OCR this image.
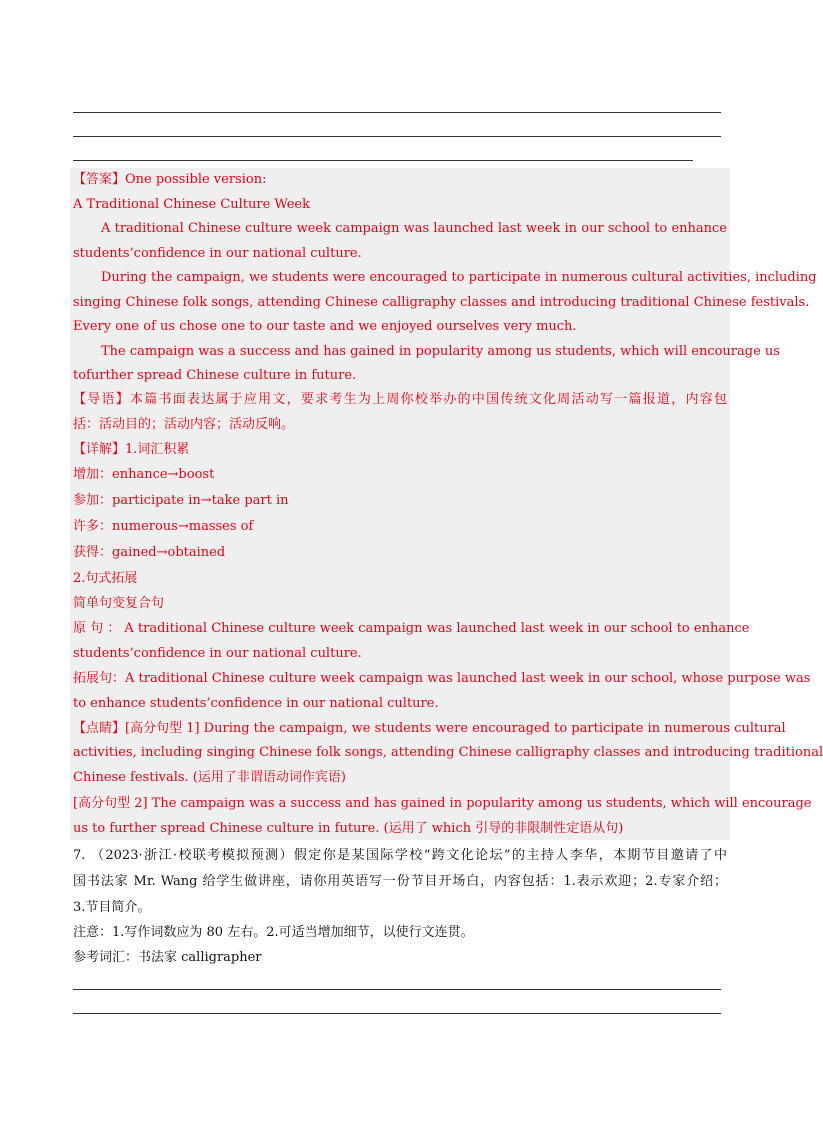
【答案】One possible version:
A Traditional Chinese Culture Week
A traditional Chinese culture week campaign was launched last week in our school to enhance
students’confidence in our national culture.
During the campaign, we students were encouraged to participate in numerous cultural activities, including
singing Chinese folk songs, attending Chinese calligraphy classes and introducing traditional Chinese festivals.
Every one of us chose one to our taste and we enjoyed ourselves very much.
The campaign was a success and has gained in popularity among us students, which will encourage us
tofurther spread Chinese culture in future.
【导语】本篇书面表达属于应用文，要求考生为上周你校举办的中国传统文化周活动写一篇报道，内容包
括：活动目的；活动内容；活动反响。
【详解】1.词汇积累
增加：enhance→boost
参加：participate in→take part in
许多：numerous→masses of
获得：gained→obtained
2.句式拓展
简单句变复合句
原 句 ： A traditional Chinese culture week campaign was launched last week in our school to enhance
students’confidence in our national culture.
拓展句：A traditional Chinese culture week campaign was launched last week in our school, whose purpose was
to enhance students’confidence in our national culture.
【点睛】[高分句型 1] During the campaign, we students were encouraged to participate in numerous cultural
activities, including singing Chinese folk songs, attending Chinese calligraphy classes and introducing traditional
Chinese festivals. (运用了非谓语动词作宾语)
[高分句型 2] The campaign was a success and has gained in popularity among us students, which will encourage
us to further spread Chinese culture in future. (运用了 which 引导的非限制性定语从句)
7. （2023·浙江·校联考模拟预测）假定你是某国际学校“跨文化论坛”的主持人李华，本期节目邀请了中
国书法家 Mr. Wang 给学生做讲座，请你用英语写一份节目开场白，内容包括：1.表示欢迎；2.专家介绍；
3.节目简介。
注意：1.写作词数应为 80 左右。2.可适当增加细节，以使行文连贯。
参考词汇：书法家 calligrapher
